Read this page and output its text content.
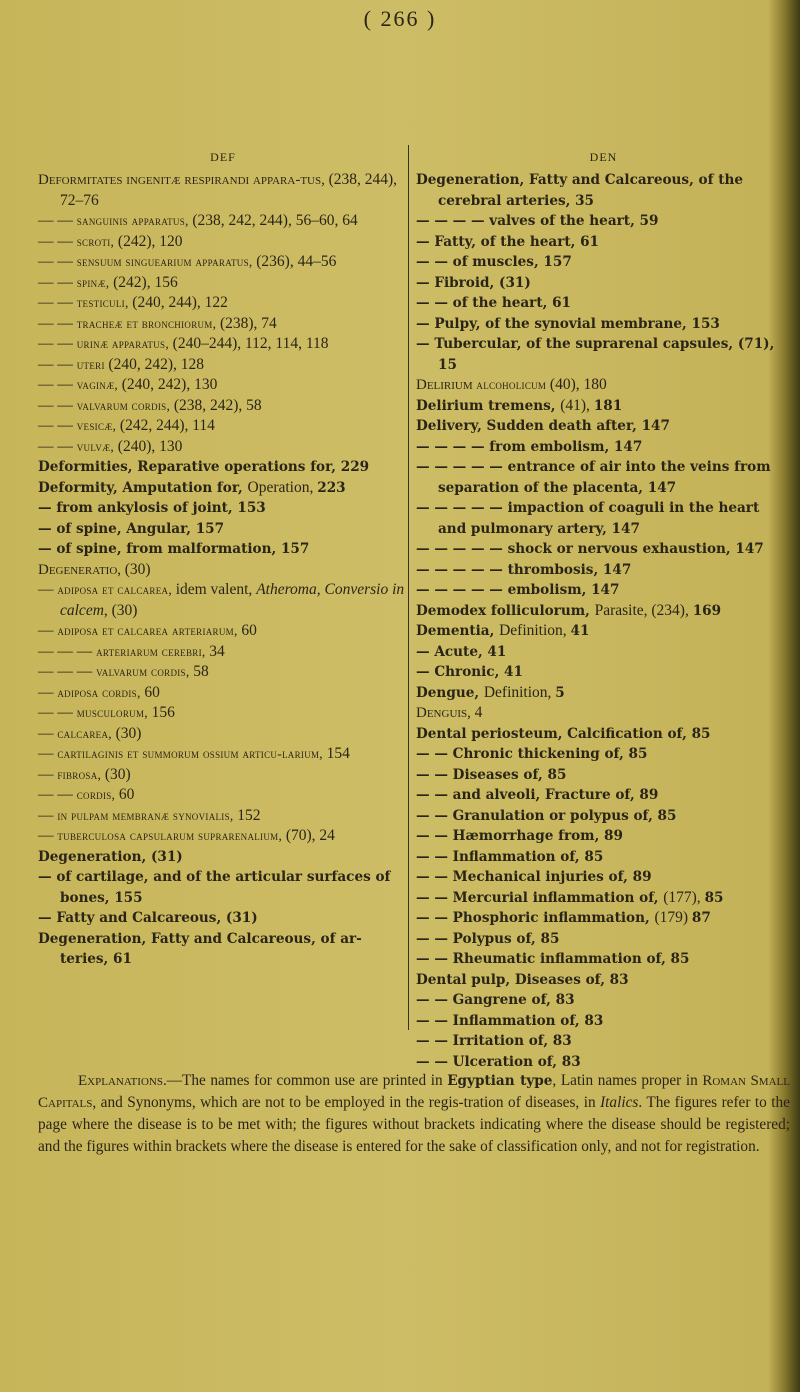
( 266 )
DEF
Deformitates ingenitæ respirandi appara-tus, (238, 244), 72–76
— — sanguinis apparatus, (238, 242, 244), 56–60, 64
— — scroti, (242), 120
— — sensuum singuearium apparatus, (236), 44–56
— — spinæ, (242), 156
— — testiculi, (240, 244), 122
— — tracheæ et bronchiorum, (238), 74
— — urinæ apparatus, (240–244), 112, 114, 118
— — uteri (240, 242), 128
— — vaginæ, (240, 242), 130
— — valvarum cordis, (238, 242), 58
— — vesicæ, (242, 244), 114
— — vulvæ, (240), 130
Deformities, Reparative operations for, 229
Deformity, Amputation for, Operation, 223
— from ankylosis of joint, 153
— of spine, Angular, 157
— of spine, from malformation, 157
Degeneratio, (30)
— adiposa et calcarea, idem valent, Atheroma, Conversio in calcem, (30)
— adiposa et calcarea arteriarum, 60
— — — arteriarum cerebri, 34
— — — valvarum cordis, 58
— adiposa cordis, 60
— — musculorum, 156
— calcarea, (30)
— cartilaginis et summorum ossium articu-larium, 154
— fibrosa, (30)
— — cordis, 60
— in pulpam membranæ synovialis, 152
— tuberculosa capsularum suprarenalium, (70), 24
Degeneration, (31)
— of cartilage, and of the articular surfaces of bones, 155
— Fatty and Calcareous, (31)
Degeneration, Fatty and Calcareous, of ar-teries, 61
DEN
Degeneration, Fatty and Calcareous, of the cerebral arteries, 35
— — — — valves of the heart, 59
— Fatty, of the heart, 61
— — of muscles, 157
— Fibroid, (31)
— — of the heart, 61
— Pulpy, of the synovial membrane, 153
— Tubercular, of the suprarenal capsules, (71), 15
Delirium alcoholicum (40), 180
Delirium tremens, (41), 181
Delivery, Sudden death after, 147
— — — — from embolism, 147
— — — — — entrance of air into the veins from separation of the placenta, 147
— — — — — impaction of coaguli in the heart and pulmonary artery, 147
— — — — — shock or nervous exhaustion, 147
— — — — — thrombosis, 147
— — — — — embolism, 147
Demodex folliculorum, Parasite, (234), 169
Dementia, Definition, 41
— Acute, 41
— Chronic, 41
Dengue, Definition, 5
Denguis, 4
Dental periosteum, Calcification of, 85
— — Chronic thickening of, 85
— — Diseases of, 85
— — and alveoli, Fracture of, 89
— — Granulation or polypus of, 85
— — Hæmorrhage from, 89
— — Inflammation of, 85
— — Mechanical injuries of, 89
— — Mercurial inflammation of, (177), 85
— — Phosphoric inflammation, (179) 87
— — Polypus of, 85
— — Rheumatic inflammation of, 85
Dental pulp, Diseases of, 83
— — Gangrene of, 83
— — Inflammation of, 83
— — Irritation of, 83
— — Ulceration of, 83
Explanations.—The names for common use are printed in Egyptian type, Latin names proper in Roman Small Capitals, and Synonyms, which are not to be employed in the regis-tration of diseases, in Italics. The figures refer to the page where the disease is to be met with; the figures without brackets indicating where the disease should be registered; and the figures within brackets where the disease is entered for the sake of classification only, and not for registration.
